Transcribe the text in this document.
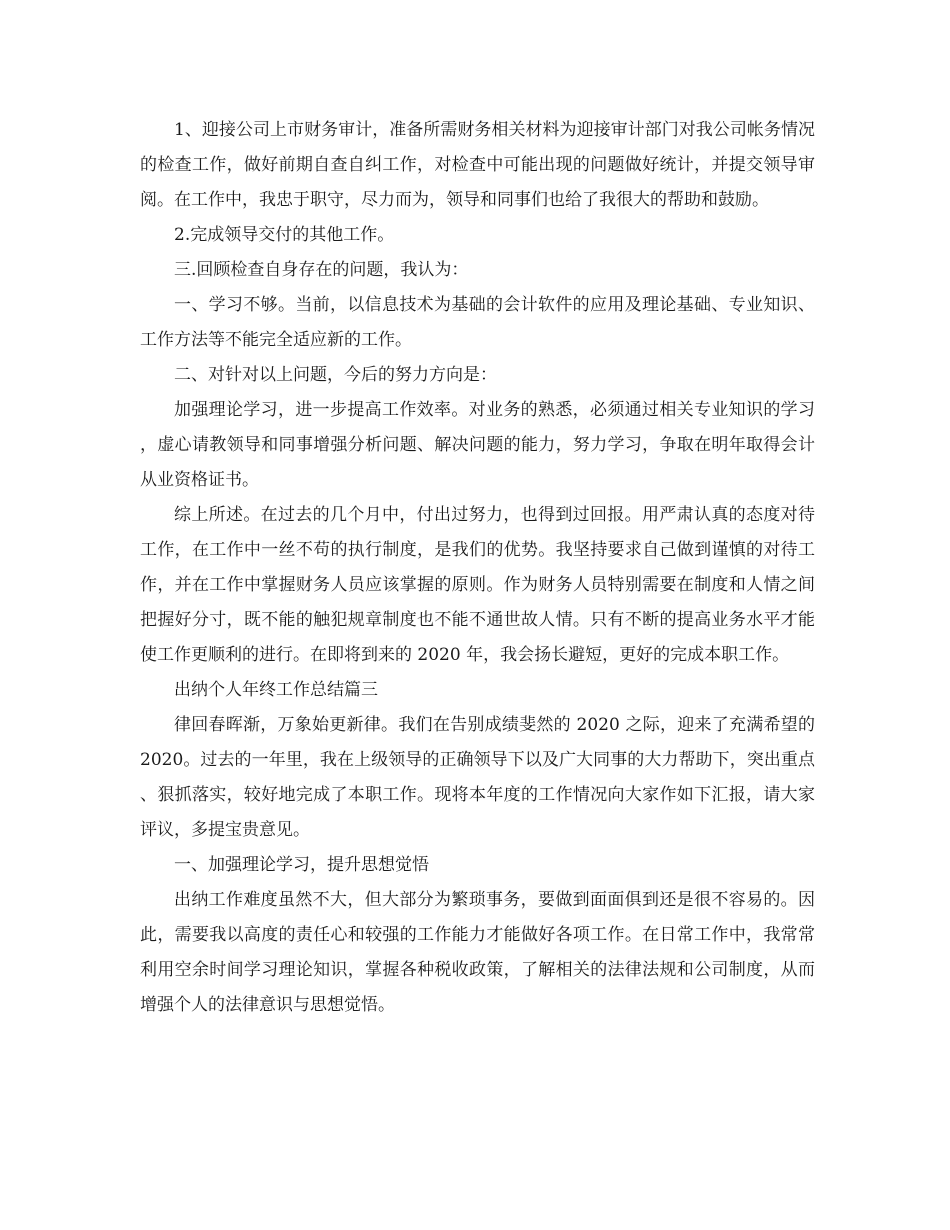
1、迎接公司上市财务审计，准备所需财务相关材料为迎接审计部门对我公司帐务情况的检查工作，做好前期自查自纠工作，对检查中可能出现的问题做好统计，并提交领导审阅。在工作中，我忠于职守，尽力而为，领导和同事们也给了我很大的帮助和鼓励。

2.完成领导交付的其他工作。

三.回顾检查自身存在的问题，我认为：

一、学习不够。当前，以信息技术为基础的会计软件的应用及理论基础、专业知识、工作方法等不能完全适应新的工作。

二、对针对以上问题，今后的努力方向是：

加强理论学习，进一步提高工作效率。对业务的熟悉，必须通过相关专业知识的学习，虚心请教领导和同事增强分析问题、解决问题的能力，努力学习，争取在明年取得会计从业资格证书。

综上所述。在过去的几个月中，付出过努力，也得到过回报。用严肃认真的态度对待工作，在工作中一丝不苟的执行制度，是我们的优势。我坚持要求自己做到谨慎的对待工作，并在工作中掌握财务人员应该掌握的原则。作为财务人员特别需要在制度和人情之间把握好分寸，既不能的触犯规章制度也不能不通世故人情。只有不断的提高业务水平才能使工作更顺利的进行。在即将到来的 2020 年，我会扬长避短，更好的完成本职工作。

出纳个人年终工作总结篇三

律回春晖渐，万象始更新律。我们在告别成绩斐然的 2020 之际，迎来了充满希望的 2020。过去的一年里，我在上级领导的正确领导下以及广大同事的大力帮助下，突出重点、狠抓落实，较好地完成了本职工作。现将本年度的工作情况向大家作如下汇报，请大家评议，多提宝贵意见。

一、加强理论学习，提升思想觉悟

出纳工作难度虽然不大，但大部分为繁琐事务，要做到面面俱到还是很不容易的。因此，需要我以高度的责任心和较强的工作能力才能做好各项工作。在日常工作中，我常常利用空余时间学习理论知识，掌握各种税收政策，了解相关的法律法规和公司制度，从而增强个人的法律意识与思想觉悟。
